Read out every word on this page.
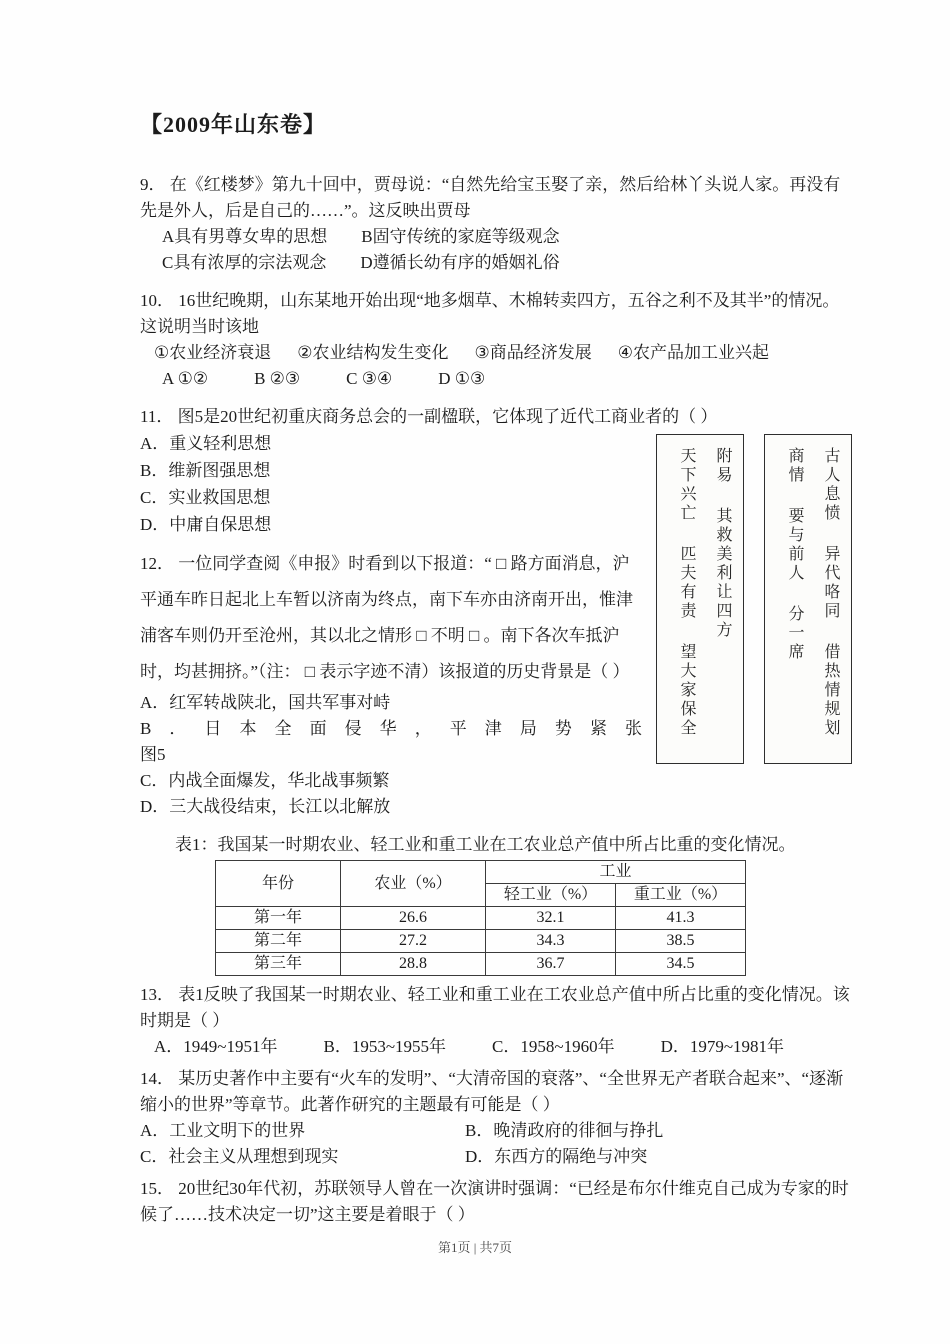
【2009年山东卷】

9． 在《红楼梦》第九十回中，贾母说：“自然先给宝玉娶了亲，然后给林丫头说人家。再没有先是外人，后是自己的……”。这反映出贾母

A具有男尊女卑的思想 B固守传统的家庭等级观念
C具有浓厚的宗法观念 D遵循长幼有序的婚姻礼俗

10． 16世纪晚期，山东某地开始出现“地多烟草、木棉转卖四方，五谷之利不及其半”的情况。这说明当时该地

①农业经济衰退 ②农业结构发生变化 ③商品经济发展 ④农产品加工业兴起
A ①②	B ②③	C ③④	D ①③

11． 图5是20世纪初重庆商务总会的一副楹联，它体现了近代工商业者的（ ）

附易 其救美利让四方
天下兴亡 匹夫有责 望大家保全	古人息愤 异代咯同 借热情规划
商情 要与前人 分一席
A．重义轻利思想
B．维新图强思想
C．实业救国思想
D．中庸自保思想

12． 一位同学查阅《申报》时看到以下报道：“ □ 路方面消息，沪平通车昨日起北上车暂以济南为终点，南下车亦由济南开出，惟津浦客车则仍开至沧州，其以北之情形 □ 不明 □ 。南下各次车抵沪时，均甚拥挤。”（注： □ 表示字迹不清）该报道的历史背景是（ ）

A．红军转战陕北，国共军事对峙

B．日本全面侵华，平津局势紧张

图5

C．内战全面爆发，华北战事频繁

D．三大战役结束，长江以北解放

表1：我国某一时期农业、轻工业和重工业在工农业总产值中所占比重的变化情况。

年份	农业（%）	工业	
		轻工业（%）	重工业（%）
第一年	26.6	32.1	41.3
第二年	27.2	34.3	38.5
第三年	28.8	36.7	34.5

13． 表1反映了我国某一时期农业、轻工业和重工业在工农业总产值中所占比重的变化情况。该时期是（ ）

A．1949~1951年	B．1953~1955年	C．1958~1960年	D．1979~1981年

14． 某历史著作中主要有“火车的发明”、“大清帝国的衰落”、“全世界无产者联合起来”、“逐渐缩小的世界”等章节。此著作研究的主题最有可能是（ ）

A．工业文明下的世界	B．晚清政府的徘徊与挣扎
C．社会主义从理想到现实	D．东西方的隔绝与冲突

15． 20世纪30年代初，苏联领导人曾在一次演讲时强调：“已经是布尔什维克自己成为专家的时候了……技术决定一切”这主要是着眼于（ ）

第1页 | 共7页
